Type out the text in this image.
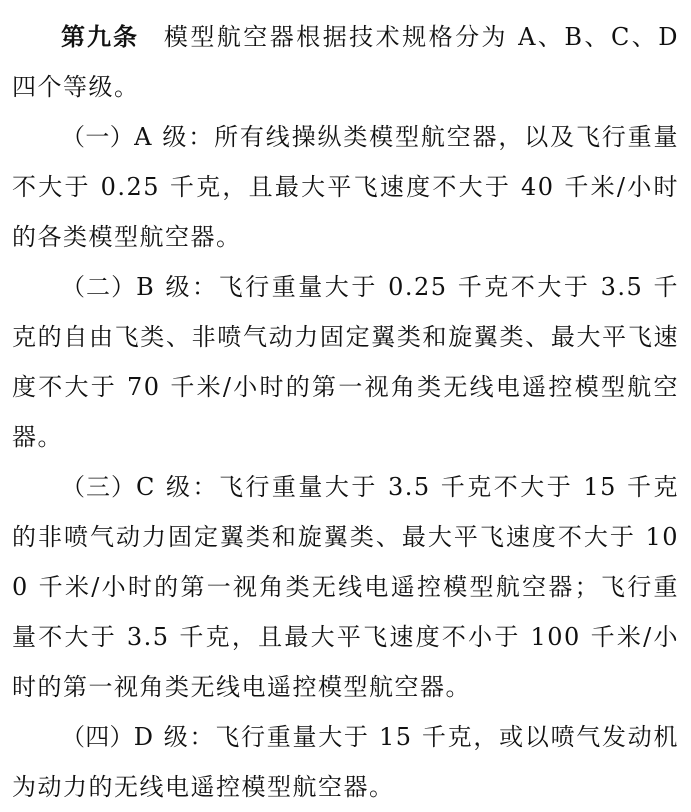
第九条 模型航空器根据技术规格分为 A、B、C、D 四个等级。

（一）A 级：所有线操纵类模型航空器，以及飞行重量不大于 0.25 千克，且最大平飞速度不大于 40 千米/小时的各类模型航空器。

（二）B 级：飞行重量大于 0.25 千克不大于 3.5 千克的自由飞类、非喷气动力固定翼类和旋翼类、最大平飞速度不大于 70 千米/小时的第一视角类无线电遥控模型航空器。

（三）C 级：飞行重量大于 3.5 千克不大于 15 千克的非喷气动力固定翼类和旋翼类、最大平飞速度不大于 100 千米/小时的第一视角类无线电遥控模型航空器；飞行重量不大于 3.5 千克，且最大平飞速度不小于 100 千米/小时的第一视角类无线电遥控模型航空器。

（四）D 级：飞行重量大于 15 千克，或以喷气发动机为动力的无线电遥控模型航空器。
